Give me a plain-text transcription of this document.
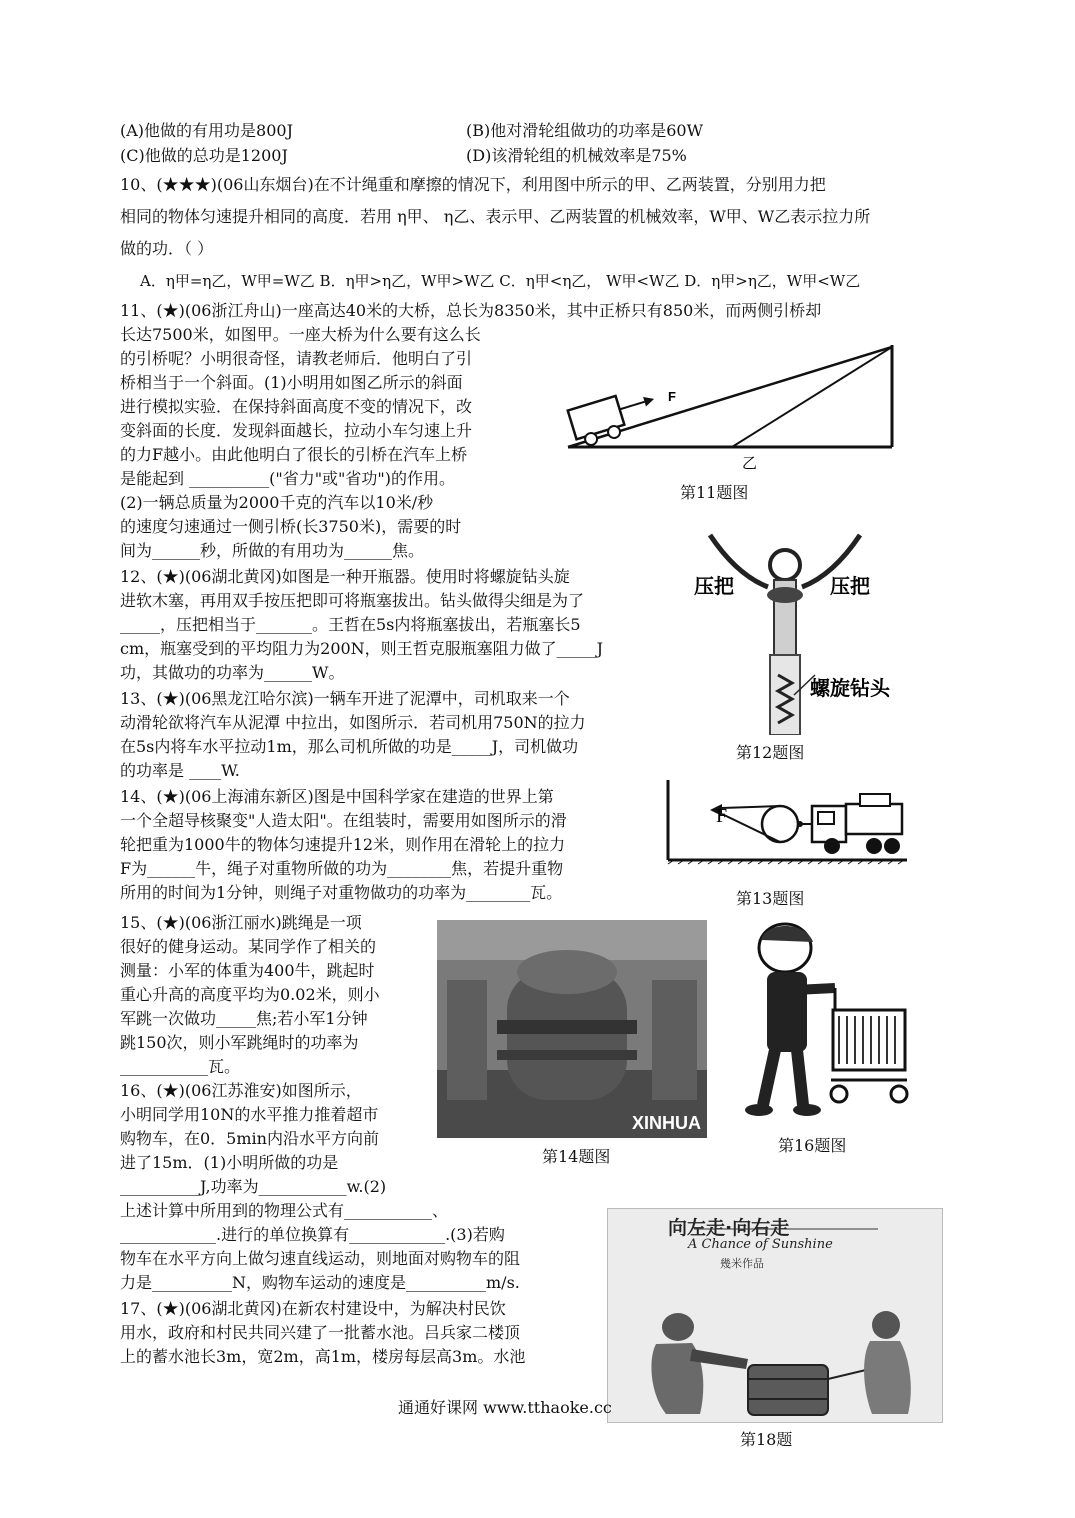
(A)他做的有用功是800J	(B)他对滑轮组做功的功率是60W
(C)他做的总功是1200J	(D)该滑轮组的机械效率是75%
10、(★★★)(06山东烟台)在不计绳重和摩擦的情况下，利用图中所示的甲、乙两装置，分别用力把
相同的物体匀速提升相同的高度．若用 η甲、 η乙、表示甲、乙两装置的机械效率，W甲、W乙表示拉力所
做的功．（ ）
A．η甲=η乙，W甲=W乙 B．η甲>η乙，W甲>W乙 C．η甲<η乙， W甲<W乙 D．η甲>η乙，W甲<W乙
11、(★)(06浙江舟山)一座高达40米的大桥，总长为8350米，其中正桥只有850米，而两侧引桥却
长达7500米，如图甲。一座大桥为什么要有这么长
的引桥呢？小明很奇怪，请教老师后．他明白了引
桥相当于一个斜面。(1)小明用如图乙所示的斜面
进行模拟实验．在保持斜面高度不变的情况下，改
变斜面的长度．发现斜面越长，拉动小车匀速上升
的力F越小。由此他明白了很长的引桥在汽车上桥
是能起到 __________("省力"或"省功")的作用。
(2)一辆总质量为2000千克的汽车以10米/秒
的速度匀速通过一侧引桥(长3750米)，需要的时
间为______秒，所做的有用功为______焦。
F
乙
第11题图
12、(★)(06湖北黄冈)如图是一种开瓶器。使用时将螺旋钻头旋
进软木塞，再用双手按压把即可将瓶塞拔出。钻头做得尖细是为了
_____，压把相当于_______。王哲在5s内将瓶塞拔出，若瓶塞长5
cm，瓶塞受到的平均阻力为200N，则王哲克服瓶塞阻力做了_____J
功，其做功的功率为______W。
压把	压把
螺旋钻头
第12题图
13、(★)(06黑龙江哈尔滨)一辆车开进了泥潭中，司机取来一个
动滑轮欲将汽车从泥潭 中拉出，如图所示．若司机用750N的拉力
在5s内将车水平拉动1m，那么司机所做的功是_____J，司机做功
的功率是 ____W.
F
第13题图
14、(★)(06上海浦东新区)图是中国科学家在建造的世界上第
一个全超导核聚变"人造太阳"。在组装时，需要用如图所示的滑
轮把重为1000牛的物体匀速提升12米，则作用在滑轮上的拉力
F为______牛，绳子对重物所做的功为________焦，若提升重物
所用的时间为1分钟，则绳子对重物做功的功率为________瓦。
15、(★)(06浙江丽水)跳绳是一项
很好的健身运动。某同学作了相关的
测量：小军的体重为400牛，跳起时
重心升高的高度平均为0.02米，则小
军跳一次做功_____焦;若小军1分钟
跳150次，则小军跳绳时的功率为
___________瓦。
XINHUA
第14题图
第16题图
16、(★)(06江苏淮安)如图所示，
小明同学用10N的水平推力推着超市
购物车，在0．5min内沿水平方向前
进了15m．(1)小明所做的功是
__________J,功率为___________w.(2)
上述计算中所用到的物理公式有___________、
____________.进行的单位换算有____________.(3)若购
物车在水平方向上做匀速直线运动，则地面对购物车的阻
力是__________N，购物车运动的速度是__________m/s.
17、(★)(06湖北黄冈)在新农村建设中，为解决村民饮
用水，政府和村民共同兴建了一批蓄水池。吕兵家二楼顶
上的蓄水池长3m，宽2m，高1m，楼房每层高3m。水池
向左走·向右走
A Chance of Sunshine
幾米作品
第18题
通通好课网 www.tthaoke.cc
